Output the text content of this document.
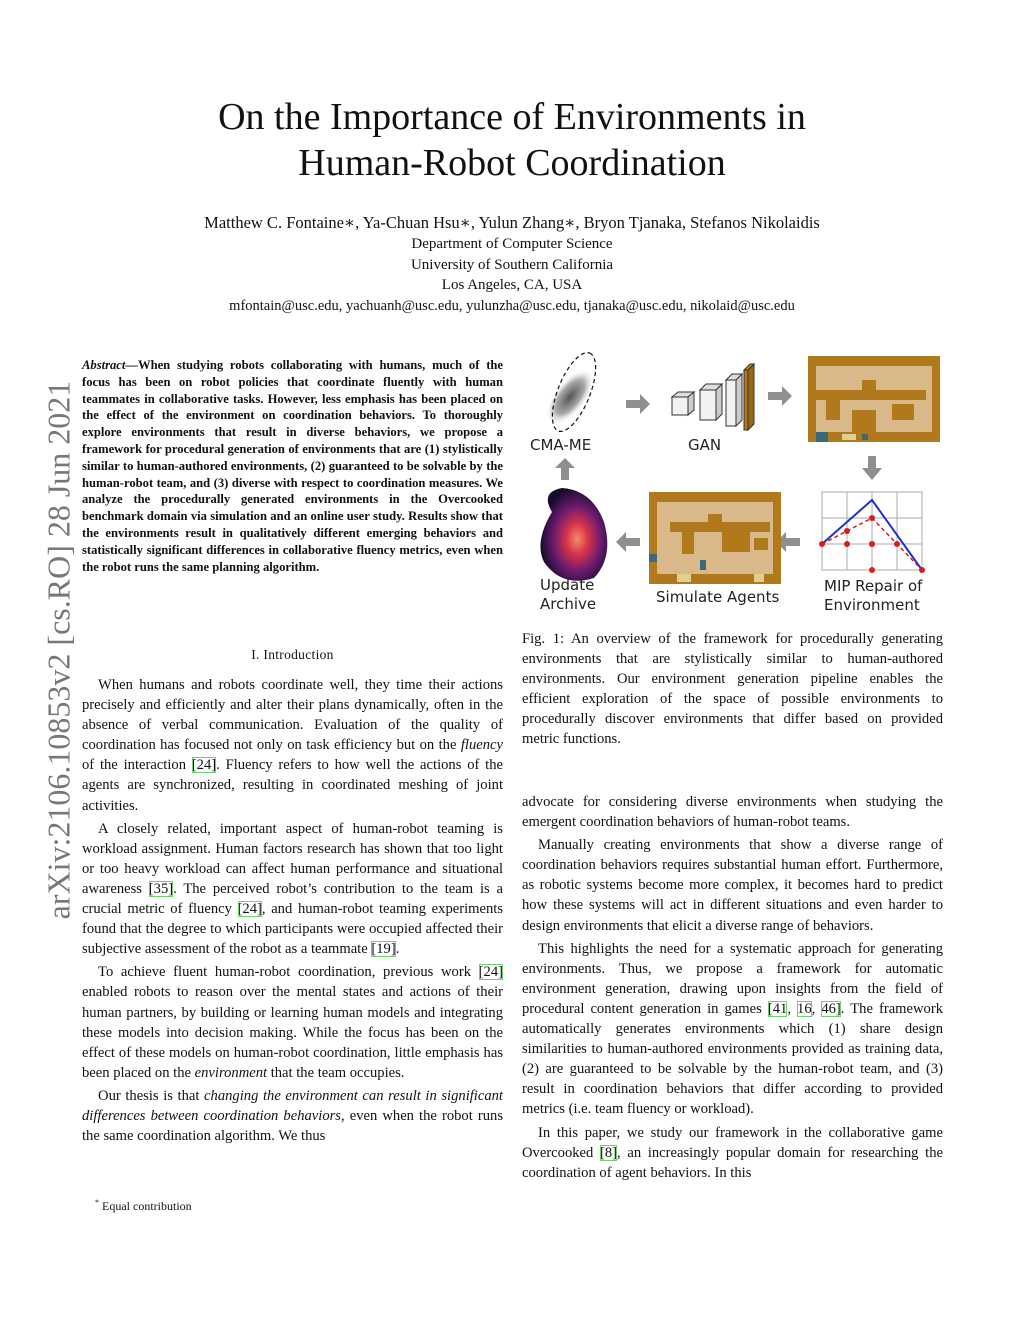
On the Importance of Environments in
Human-Robot Coordination
Matthew C. Fontaine∗, Ya-Chuan Hsu∗, Yulun Zhang∗, Bryon Tjanaka, Stefanos Nikolaidis
Department of Computer Science
University of Southern California
Los Angeles, CA, USA
mfontain@usc.edu, yachuanh@usc.edu, yulunzha@usc.edu, tjanaka@usc.edu, nikolaid@usc.edu
arXiv:2106.10853v2 [cs.RO] 28 Jun 2021
Abstract—When studying robots collaborating with humans, much of the focus has been on robot policies that coordinate fluently with human teammates in collaborative tasks. However, less emphasis has been placed on the effect of the environment on coordination behaviors. To thoroughly explore environments that result in diverse behaviors, we propose a framework for procedural generation of environments that are (1) stylistically similar to human-authored environments, (2) guaranteed to be solvable by the human-robot team, and (3) diverse with respect to coordination measures. We analyze the procedurally generated environments in the Overcooked benchmark domain via simulation and an online user study. Results show that the environments result in qualitatively different emerging behaviors and statistically significant differences in collaborative fluency metrics, even when the robot runs the same planning algorithm.
I. Introduction

When humans and robots coordinate well, they time their actions precisely and efficiently and alter their plans dynamically, often in the absence of verbal communication. Evaluation of the quality of coordination has focused not only on task efficiency but on the fluency of the interaction [24]. Fluency refers to how well the actions of the agents are synchronized, resulting in coordinated meshing of joint activities.

A closely related, important aspect of human-robot teaming is workload assignment. Human factors research has shown that too light or too heavy workload can affect human performance and situational awareness [35]. The perceived robot’s contribution to the team is a crucial metric of fluency [24], and human-robot teaming experiments found that the degree to which participants were occupied affected their subjective assessment of the robot as a teammate [19].

To achieve fluent human-robot coordination, previous work [24] enabled robots to reason over the mental states and actions of their human partners, by building or learning human models and integrating these models into decision making. While the focus has been on the effect of these models on human-robot coordination, little emphasis has been placed on the environment that the team occupies.

Our thesis is that changing the environment can result in significant differences between coordination behaviors, even when the robot runs the same coordination algorithm. We thus

* Equal contribution
CMA-ME	GAN
MIP Repair of
Environment
Simulate Agents
Update
Archive
Fig. 1: An overview of the framework for procedurally generating environments that are stylistically similar to human-authored environments. Our environment generation pipeline enables the efficient exploration of the space of possible environments to procedurally discover environments that differ based on provided metric functions.

advocate for considering diverse environments when studying the emergent coordination behaviors of human-robot teams.

Manually creating environments that show a diverse range of coordination behaviors requires substantial human effort. Furthermore, as robotic systems become more complex, it becomes hard to predict how these systems will act in different situations and even harder to design environments that elicit a diverse range of behaviors.

This highlights the need for a systematic approach for generating environments. Thus, we propose a framework for automatic environment generation, drawing upon insights from the field of procedural content generation in games [41, 16, 46]. The framework automatically generates environments which (1) share design similarities to human-authored environments provided as training data, (2) are guaranteed to be solvable by the human-robot team, and (3) result in coordination behaviors that differ according to provided metrics (i.e. team fluency or workload).

In this paper, we study our framework in the collaborative game Overcooked [8], an increasingly popular domain for researching the coordination of agent behaviors. In this
